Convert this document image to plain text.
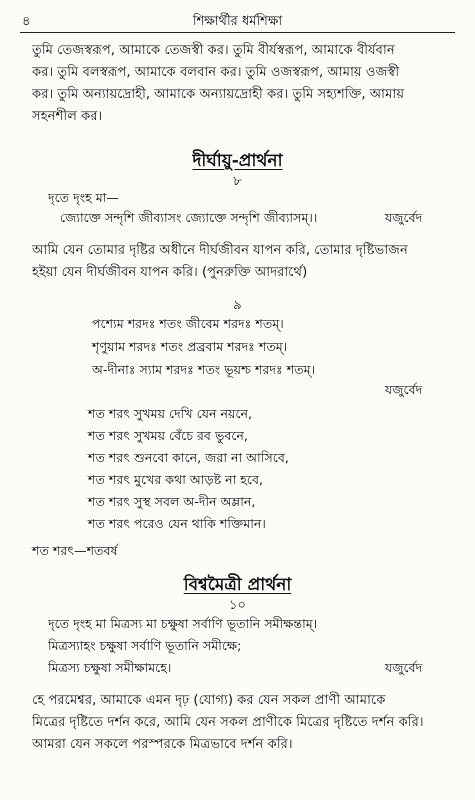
৪	শিক্ষার্থীর ধর্মশিক্ষা

তুমি তেজস্বরূপ, আমাকে তেজস্বী কর। তুমি বীর্যস্বরূপ, আমাকে বীর্যবান
কর। তুমি বলস্বরূপ, আমাকে বলবান কর। তুমি ওজস্বরূপ, আমায় ওজস্বী
কর। তুমি অন্যায়দ্রোহী, আমাকে অন্যায়দ্রোহী কর। তুমি সহ্যশক্তি, আমায়
সহনশীল কর।

দীর্ঘায়ু-প্রার্থনা
৮
দৃতে দৃংহ মা—
জ্যোক্তে সন্দৃশি জীব্যাসং জ্যোক্তে সন্দৃশি জীব্যাসম্।।	যজুর্বেদ

আমি যেন তোমার দৃষ্টির অধীনে দীর্ঘজীবন যাপন করি, তোমার দৃষ্টিভাজন
হইয়া যেন দীর্ঘজীবন যাপন করি। (পুনরুক্তি আদরার্থে)

৯
পশ্যেম শরদঃ শতং জীবেম শরদঃ শতম্।
শৃণুয়াম শরদঃ শতং প্রব্রবাম শরদঃ শতম্।
অ-দীনাঃ স্যাম শরদঃ শতং ভূয়শ্চ শরদঃ শতম্।
যজুর্বেদ
শত শরৎ সুখময় দেখি যেন নয়নে,
শত শরৎ সুখময় বেঁচে রব ভুবনে,
শত শরৎ শুনবো কানে, জরা না আসিবে,
শত শরৎ মুখের কথা আড়ষ্ট না হবে,
শত শরৎ সুস্থ সবল অ-দীন অম্লান,
শত শরৎ পরেও যেন থাকি শক্তিমান।
শত শরৎ—শতবর্ষ
বিশ্বমৈত্রী প্রার্থনা
১০
দৃতে দৃংহ মা মিত্রস্য মা চক্ষুষা সর্বাণি ভূতানি সমীক্ষন্তাম্।
মিত্রস্যাহং চক্ষুষা সর্বাণি ভূতানি সমীক্ষে;
মিত্রস্য চক্ষুষা সমীক্ষামহে।	যজুর্বেদ

হে পরমেশ্বর, আমাকে এমন দৃঢ় (যোগ্য) কর যেন সকল প্রাণী আমাকে
মিত্রের দৃষ্টিতে দর্শন করে, আমি যেন সকল প্রাণীকে মিত্রের দৃষ্টিতে দর্শন করি।
আমরা যেন সকলে পরস্পরকে মিত্রভাবে দর্শন করি।
